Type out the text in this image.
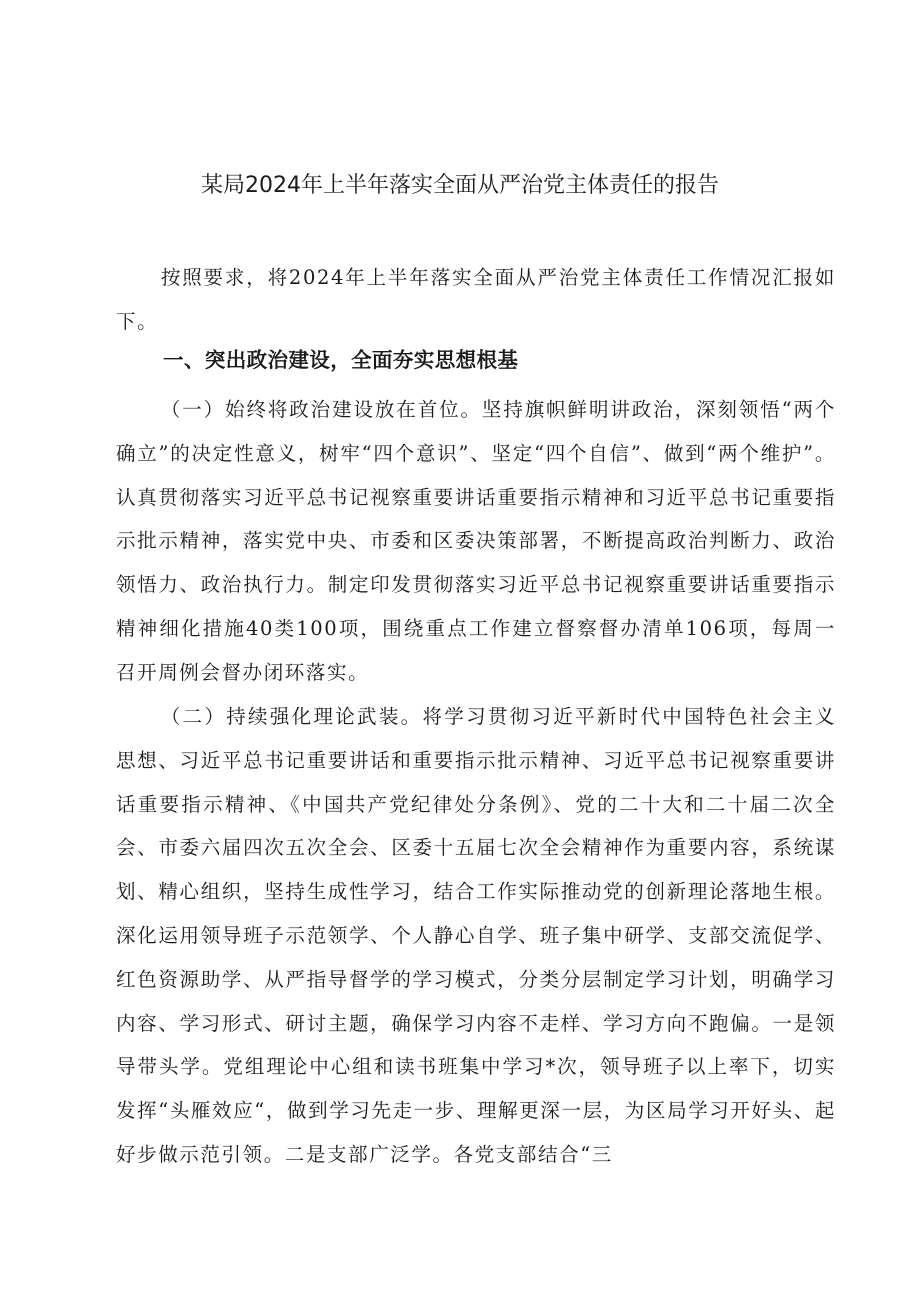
某局2024年上半年落实全面从严治党主体责任的报告

按照要求，将2024年上半年落实全面从严治党主体责任工作情况汇报如下。

一、突出政治建设，全面夯实思想根基

（一）始终将政治建设放在首位。坚持旗帜鲜明讲政治，深刻领悟“两个确立”的决定性意义，树牢“四个意识”、坚定“四个自信”、做到“两个维护”。认真贯彻落实习近平总书记视察重要讲话重要指示精神和习近平总书记重要指示批示精神，落实党中央、市委和区委决策部署，不断提高政治判断力、政治领悟力、政治执行力。制定印发贯彻落实习近平总书记视察重要讲话重要指示精神细化措施40类100项，围绕重点工作建立督察督办清单106项，每周一召开周例会督办闭环落实。

（二）持续强化理论武装。将学习贯彻习近平新时代中国特色社会主义思想、习近平总书记重要讲话和重要指示批示精神、习近平总书记视察重要讲话重要指示精神、《中国共产党纪律处分条例》、党的二十大和二十届二次全会、市委六届四次五次全会、区委十五届七次全会精神作为重要内容，系统谋划、精心组织，坚持生成性学习，结合工作实际推动党的创新理论落地生根。深化运用领导班子示范领学、个人静心自学、班子集中研学、支部交流促学、红色资源助学、从严指导督学的学习模式，分类分层制定学习计划，明确学习内容、学习形式、研讨主题，确保学习内容不走样、学习方向不跑偏。一是领导带头学。党组理论中心组和读书班集中学习*次，领导班子以上率下，切实发挥“头雁效应“，做到学习先走一步、理解更深一层，为区局学习开好头、起好步做示范引领。二是支部广泛学。各党支部结合“三
